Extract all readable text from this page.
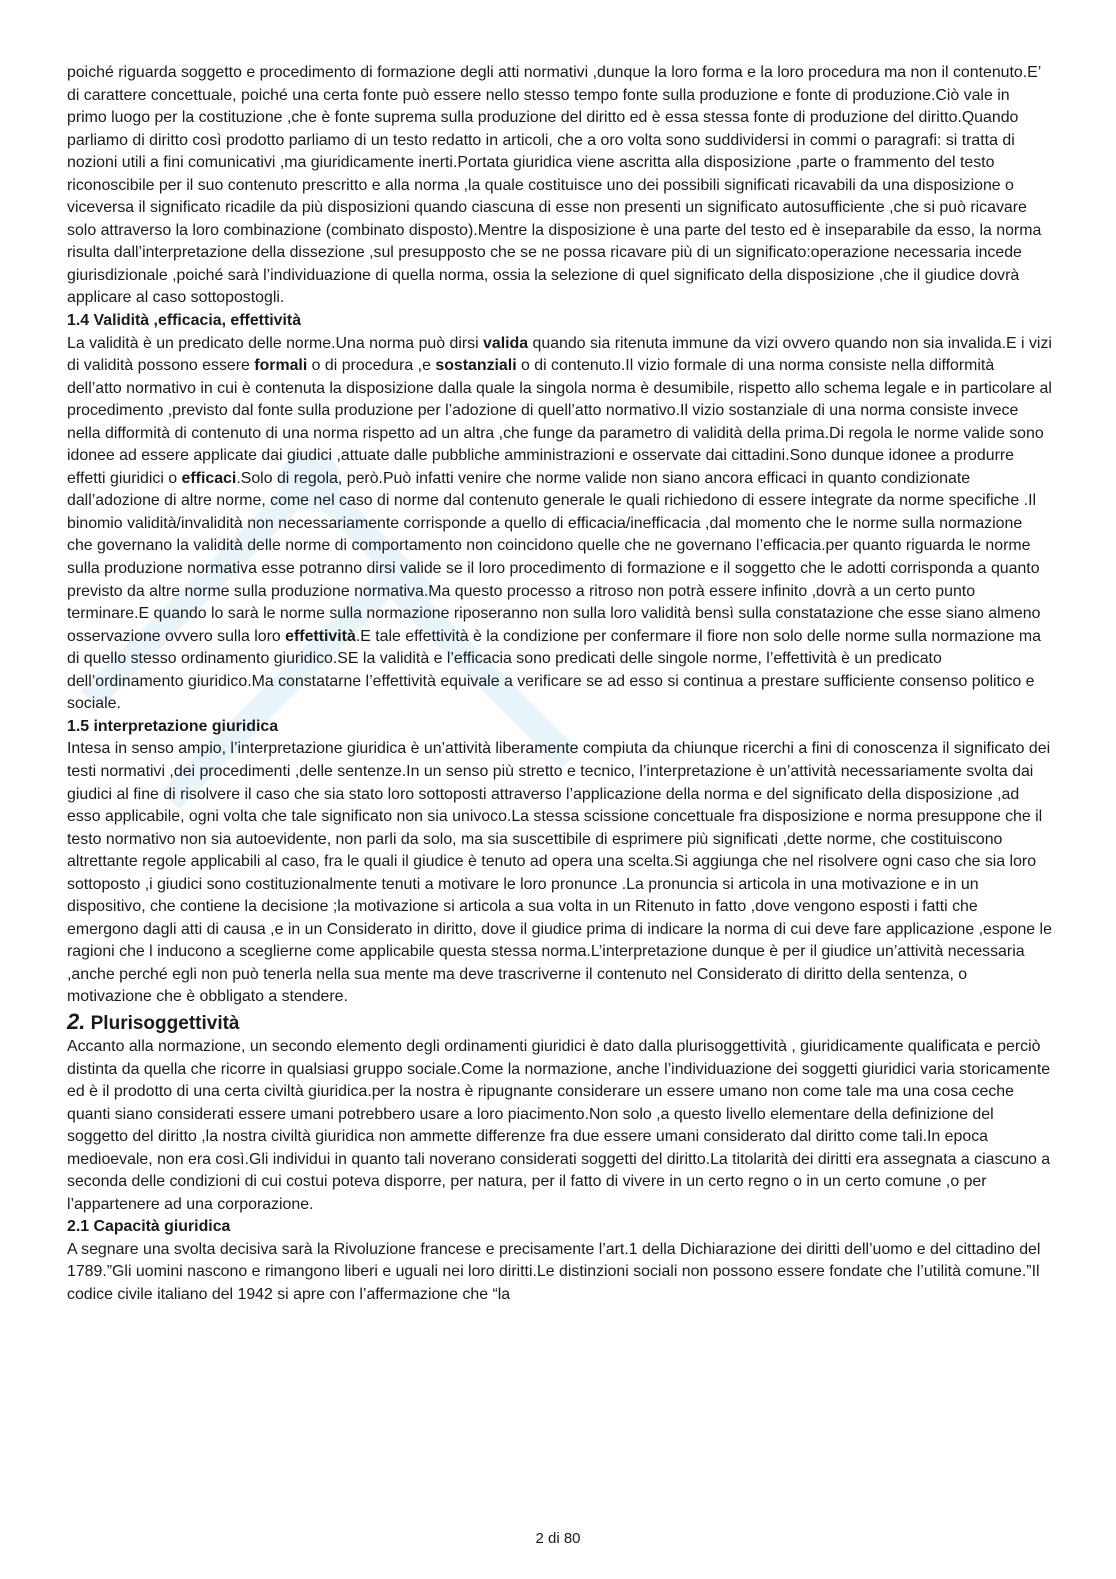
poiché riguarda soggetto e procedimento di formazione degli atti normativi ,dunque la loro forma e la loro procedura ma non il contenuto.E’ di carattere concettuale, poiché una certa fonte può essere nello stesso tempo fonte sulla produzione e fonte di produzione.Ciò vale in primo luogo per la costituzione ,che è fonte suprema sulla produzione del diritto ed è essa stessa fonte di produzione del diritto.Quando parliamo di diritto così prodotto parliamo di un testo redatto in articoli, che a oro volta sono suddividersi in commi o paragrafi: si tratta di nozioni utili a fini comunicativi ,ma giuridicamente inerti.Portata giuridica viene ascritta alla disposizione ,parte o frammento del testo riconoscibile per il suo contenuto prescritto e alla norma ,la quale costituisce uno dei possibili significati ricavabili da una disposizione o viceversa il significato ricadile da più disposizioni quando ciascuna di esse non presenti un significato autosufficiente ,che si può ricavare solo attraverso la loro combinazione (combinato disposto).Mentre la disposizione è una parte del testo ed è inseparabile da esso, la norma risulta dall’interpretazione della dissezione ,sul presupposto che se ne possa ricavare più di un significato:operazione necessaria incede giurisdizionale ,poiché sarà l’individuazione di quella norma, ossia la selezione di quel significato della disposizione ,che il giudice dovrà applicare al caso sottopostogli.

1.4 Validità ,efficacia, effettività

La validità è un predicato delle norme.Una norma può dirsi valida quando sia ritenuta immune da vizi ovvero quando non sia invalida.E i vizi di validità possono essere formali o di procedura ,e sostanziali o di contenuto.Il vizio formale di una norma consiste nella difformità dell’atto normativo in cui è contenuta la disposizione dalla quale la singola norma è desumibile, rispetto allo schema legale e in particolare al procedimento ,previsto dal fonte sulla produzione per l’adozione di quell’atto normativo.Il vizio sostanziale di una norma consiste invece nella difformità di contenuto di una norma rispetto ad un altra ,che funge da parametro di validità della prima.Di regola le norme valide sono idonee ad essere applicate dai giudici ,attuate dalle pubbliche amministrazioni e osservate dai cittadini.Sono dunque idonee a produrre effetti giuridici o efficaci.Solo di regola, però.Può infatti venire che norme valide non siano ancora efficaci in quanto condizionate dall’adozione di altre norme, come nel caso di norme dal contenuto generale le quali richiedono di essere integrate da norme specifiche .Il binomio validità/invalidità non necessariamente corrisponde a quello di efficacia/inefficacia ,dal momento che le norme sulla normazione che governano la validità delle norme di comportamento non coincidono quelle che ne governano l’efficacia.per quanto riguarda le norme sulla produzione normativa esse potranno dirsi valide se il loro procedimento di formazione e il soggetto che le adotti corrisponda a quanto previsto da altre norme sulla produzione normativa.Ma questo processo a ritroso non potrà essere infinito ,dovrà a un certo punto terminare.E quando lo sarà le norme sulla normazione riposeranno non sulla loro validità bensì sulla constatazione che esse siano almeno osservazione ovvero sulla loro effettività.E tale effettività è la condizione per confermare il fiore non solo delle norme sulla normazione ma di quello stesso ordinamento giuridico.SE la validità e l’efficacia sono predicati delle singole norme, l’effettività è un predicato dell’ordinamento giuridico.Ma constatarne l’effettività equivale a verificare se ad esso si continua a prestare sufficiente consenso politico e sociale.

1.5 interpretazione giuridica

Intesa in senso ampio, l’interpretazione giuridica è un’attività liberamente compiuta da chiunque ricerchi a fini di conoscenza il significato dei testi normativi ,dei procedimenti ,delle sentenze.In un senso più stretto e tecnico, l’interpretazione è un’attività necessariamente svolta dai giudici al fine di risolvere il caso che sia stato loro sottoposti attraverso l’applicazione della norma e del significato della disposizione ,ad esso applicabile, ogni volta che tale significato non sia univoco.La stessa scissione concettuale fra disposizione e norma presuppone che il testo normativo non sia autoevidente, non parli da solo, ma sia suscettibile di esprimere più significati ,dette norme, che costituiscono altrettante regole applicabili al caso, fra le quali il giudice è tenuto ad opera una scelta.Si aggiunga che nel risolvere ogni caso che sia loro sottoposto ,i giudici sono costituzionalmente tenuti a motivare le loro pronunce .La pronuncia si articola in una motivazione e in un dispositivo, che contiene la decisione ;la motivazione si articola a sua volta in un Ritenuto in fatto ,dove vengono esposti i fatti che emergono dagli atti di causa ,e in un Considerato in diritto, dove il giudice prima di indicare la norma di cui deve fare applicazione ,espone le ragioni che l inducono a sceglierne come applicabile questa stessa norma.L’interpretazione dunque è per il giudice un’attività necessaria ,anche perché egli non può tenerla nella sua mente ma deve trascriverne il contenuto nel Considerato di diritto della sentenza, o motivazione che è obbligato a stendere.

2. Plurisoggettività

Accanto alla normazione, un secondo elemento degli ordinamenti giuridici è dato dalla plurisoggettività , giuridicamente qualificata e perciò distinta da quella che ricorre in qualsiasi gruppo sociale.Come la normazione, anche l’individuazione dei soggetti giuridici varia storicamente ed è il prodotto di una certa civiltà giuridica.per la nostra è ripugnante considerare un essere umano non come tale ma una cosa ceche quanti siano considerati essere umani potrebbero usare a loro piacimento.Non solo ,a questo livello elementare della definizione del soggetto del diritto ,la nostra civiltà giuridica non ammette differenze fra due essere umani considerato dal diritto come tali.In epoca medioevale, non era così.Gli individui in quanto tali noverano considerati soggetti del diritto.La titolarità dei diritti era assegnata a ciascuno a seconda delle condizioni di cui costui poteva disporre, per natura, per il fatto di vivere in un certo regno o in un certo comune ,o per l’appartenere ad una corporazione.

2.1 Capacità giuridica

A segnare una svolta decisiva sarà la Rivoluzione francese e precisamente l’art.1 della Dichiarazione dei diritti dell’uomo e del cittadino del 1789.”Gli uomini nascono e rimangono liberi e uguali nei loro diritti.Le distinzioni sociali non possono essere fondate che l’utilità comune.”Il codice civile italiano del 1942 si apre con l’affermazione che “la

2 di 80
